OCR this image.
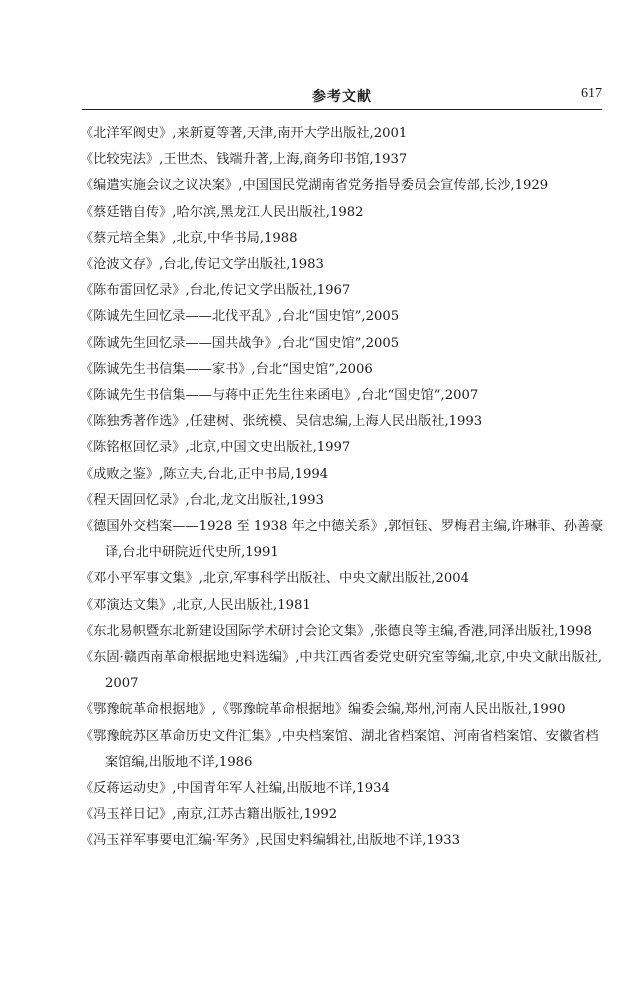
参考文献	617
《北洋军阀史》,来新夏等著,天津,南开大学出版社,2001
《比较宪法》,王世杰、钱端升著,上海,商务印书馆,1937
《编遣实施会议之议决案》,中国国民党湖南省党务指导委员会宣传部,长沙,1929
《蔡廷锴自传》,哈尔滨,黑龙江人民出版社,1982
《蔡元培全集》,北京,中华书局,1988
《沧波文存》,台北,传记文学出版社,1983
《陈布雷回忆录》,台北,传记文学出版社,1967
《陈诚先生回忆录——北伐平乱》,台北“国史馆”,2005
《陈诚先生回忆录——国共战争》,台北“国史馆”,2005
《陈诚先生书信集——家书》,台北“国史馆”,2006
《陈诚先生书信集——与蒋中正先生往来函电》,台北“国史馆”,2007
《陈独秀著作选》,任建树、张统模、吴信忠编,上海人民出版社,1993
《陈铭枢回忆录》,北京,中国文史出版社,1997
《成败之鉴》,陈立夫,台北,正中书局,1994
《程天固回忆录》,台北,龙文出版社,1993
《德国外交档案——1928 至 1938 年之中德关系》,郭恒钰、罗梅君主编,许琳菲、孙善豪译,台北中研院近代史所,1991
《邓小平军事文集》,北京,军事科学出版社、中央文献出版社,2004
《邓演达文集》,北京,人民出版社,1981
《东北易帜暨东北新建设国际学术研讨会论文集》,张德良等主编,香港,同泽出版社,1998
《东固·赣西南革命根据地史料选编》,中共江西省委党史研究室等编,北京,中央文献出版社,2007
《鄂豫皖革命根据地》,《鄂豫皖革命根据地》编委会编,郑州,河南人民出版社,1990
《鄂豫皖苏区革命历史文件汇集》,中央档案馆、湖北省档案馆、河南省档案馆、安徽省档案馆编,出版地不详,1986
《反蒋运动史》,中国青年军人社编,出版地不详,1934
《冯玉祥日记》,南京,江苏古籍出版社,1992
《冯玉祥军事要电汇编·军务》,民国史料编辑社,出版地不详,1933
